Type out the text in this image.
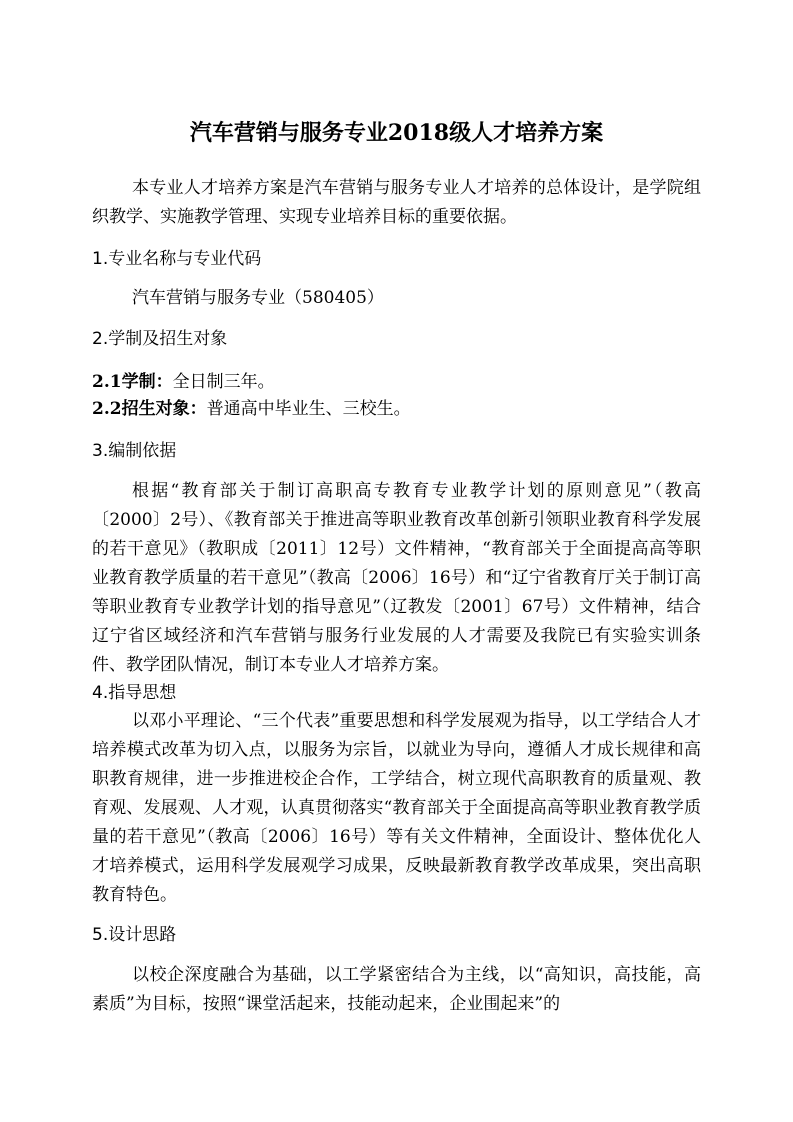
汽车营销与服务专业2018级人才培养方案

本专业人才培养方案是汽车营销与服务专业人才培养的总体设计，是学院组织教学、实施教学管理、实现专业培养目标的重要依据。

1.专业名称与专业代码

汽车营销与服务专业（580405）

2.学制及招生对象

2.1学制：全日制三年。

2.2招生对象：普通高中毕业生、三校生。

3.编制依据

根据“教育部关于制订高职高专教育专业教学计划的原则意见”（教高〔2000〕2号）、《教育部关于推进高等职业教育改革创新引领职业教育科学发展的若干意见》（教职成〔2011〕12号）文件精神，“教育部关于全面提高高等职业教育教学质量的若干意见”（教高〔2006〕16号）和“辽宁省教育厅关于制订高等职业教育专业教学计划的指导意见”（辽教发〔2001〕67号）文件精神，结合辽宁省区域经济和汽车营销与服务行业发展的人才需要及我院已有实验实训条件、教学团队情况，制订本专业人才培养方案。

4.指导思想

以邓小平理论、“三个代表”重要思想和科学发展观为指导，以工学结合人才培养模式改革为切入点，以服务为宗旨，以就业为导向，遵循人才成长规律和高职教育规律，进一步推进校企合作，工学结合，树立现代高职教育的质量观、教育观、发展观、人才观，认真贯彻落实“教育部关于全面提高高等职业教育教学质量的若干意见”（教高〔2006〕16号）等有关文件精神，全面设计、整体优化人才培养模式，运用科学发展观学习成果，反映最新教育教学改革成果，突出高职教育特色。

5.设计思路

以校企深度融合为基础，以工学紧密结合为主线，以“高知识，高技能，高素质”为目标，按照“课堂活起来，技能动起来，企业围起来”的
